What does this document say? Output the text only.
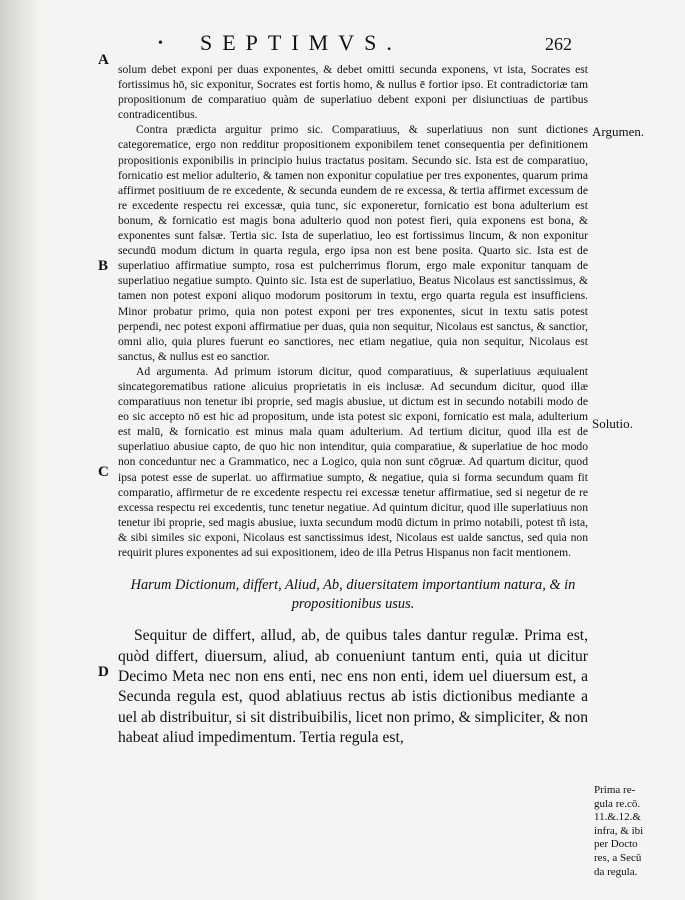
• SEPTIMVS.	262
A
B
C
D
Argumen.
Solutio.

solum debet exponi per duas exponentes, & debet omitti secunda exponens, vt ista, Socrates est fortissimus hō, sic exponitur, Socrates est fortis homo, & nullus ē fortior ipso. Et contradictoriæ tam propositionum de comparatiuo quàm de superlatiuo debent exponi per disiunctiuas de partibus contradicentibus.

Contra prædicta arguitur primo sic. Comparatiuus, & superlatiuus non sunt dictiones categorematice, ergo non redditur propositionem exponibilem tenet consequentia per definitionem propositionis exponibilis in principio huius tractatus positam. Secundo sic. Ista est de comparatiuo, fornicatio est melior adulterio, & tamen non exponitur copulatiue per tres exponentes, quarum prima affirmet positiuum de re excedente, & secunda eundem de re excessa, & tertia affirmet excessum de re excedente respectu rei excessæ, quia tunc, sic exponeretur, fornicatio est bona adulterium est bonum, & fornicatio est magis bona adulterio quod non potest fieri, quia exponens est bona, & exponentes sunt falsæ. Tertia sic. Ista de superlatiuo, leo est fortissimus lincum, & non exponitur secundū modum dictum in quarta regula, ergo ipsa non est bene posita. Quarto sic. Ista est de superlatiuo affirmatiue sumpto, rosa est pulcherrimus florum, ergo male exponitur tanquam de superlatiuo negatiue sumpto. Quinto sic. Ista est de superlatiuo, Beatus Nicolaus est sanctissimus, & tamen non potest exponi aliquo modorum positorum in textu, ergo quarta regula est insufficiens. Minor probatur primo, quia non potest exponi per tres exponentes, sicut in textu satis potest perpendi, nec potest exponi affirmatiue per duas, quia non sequitur, Nicolaus est sanctus, & sanctior, omni alio, quia plures fuerunt eo sanctiores, nec etiam negatiue, quia non sequitur, Nicolaus est sanctus, & nullus est eo sanctior.

Ad argumenta. Ad primum istorum dicitur, quod comparatiuus, & superlatiuus æquiualent sincategorematibus ratione alicuius proprietatis in eis inclusæ. Ad secundum dicitur, quod illæ comparatiuus non tenetur ibi proprie, sed magis abusiue, ut dictum est in secundo notabili modo de eo sic accepto nō est hic ad propositum, unde ista potest sic exponi, fornicatio est mala, adulterium est malū, & fornicatio est minus mala quam adulterium. Ad tertium dicitur, quod illa est de superlatiuo abusiue capto, de quo hic non intenditur, quia comparatiue, & superlatiue de hoc modo non conceduntur nec a Grammatico, nec a Logico, quia non sunt cōgruæ. Ad quartum dicitur, quod ipsa potest esse de superlat. uo affirmatiue sumpto, & negatiue, quia si forma secundum quam fit comparatio, affirmetur de re excedente respectu rei excessæ tenetur affirmatiue, sed si negetur de re excessa respectu rei excedentis, tunc tenetur negatiue. Ad quintum dicitur, quod ille superlatiuus non tenetur ibi proprie, sed magis abusiue, iuxta secundum modū dictum in primo notabili, potest tñ ista, & sibi similes sic exponi, Nicolaus est sanctissimus idest, Nicolaus est ualde sanctus, sed quia non requirit plures exponentes ad sui expositionem, ideo de illa Petrus Hispanus non facit mentionem.

Harum Dictionum, differt, Aliud, Ab, diuersitatem importantium natura, & in propositionibus usus.

Sequitur de differt, allud, ab, de quibus tales dantur regulæ. Prima est, quòd differt, diuersum, aliud, ab conueniunt tantum enti, quia ut dicitur Decimo Meta nec non ens enti, nec ens non enti, idem uel diuersum est, a Secunda regula est, quod ablatiuus rectus ab istis dictionibus mediante a uel ab distribuitur, si sit distribuibilis, licet non primo, & simpliciter, & non habeat aliud impedimentum. Tertia regula est,

Prima re-
gula re.cō.
11.&.12.&
infra, & ibi
per Docto
res, a Secū
da regula.
